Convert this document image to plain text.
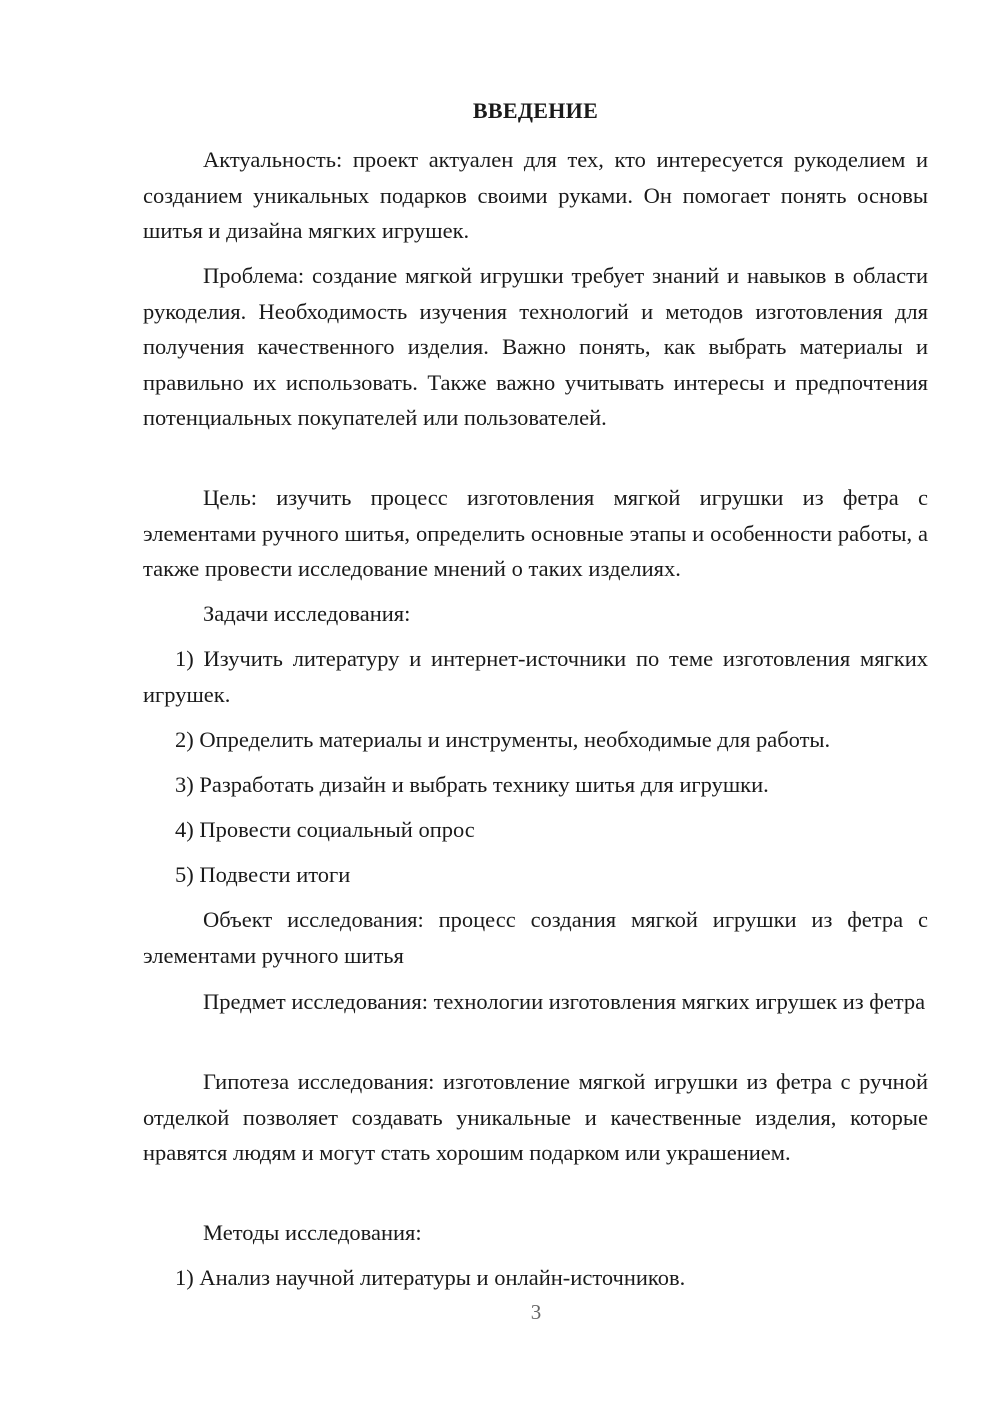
ВВЕДЕНИЕ

Актуальность: проект актуален для тех, кто интересуется рукоделием и созданием уникальных подарков своими руками. Он помогает понять основы шитья и дизайна мягких игрушек.

Проблема: создание мягкой игрушки требует знаний и навыков в области рукоделия. Необходимость изучения технологий и методов изготовления для получения качественного изделия. Важно понять, как выбрать материалы и правильно их использовать. Также важно учитывать интересы и предпочтения потенциальных покупателей или пользователей.

Цель: изучить процесс изготовления мягкой игрушки из фетра с элементами ручного шитья, определить основные этапы и особенности работы, а также провести исследование мнений о таких изделиях.

Задачи исследования:

1) Изучить литературу и интернет-источники по теме изготовления мягких игрушек.

2) Определить материалы и инструменты, необходимые для работы.

3) Разработать дизайн и выбрать технику шитья для игрушки.

4) Провести социальный опрос

5) Подвести итоги

Объект исследования: процесс создания мягкой игрушки из фетра с элементами ручного шитья

Предмет исследования: технологии изготовления мягких игрушек из фетра

Гипотеза исследования: изготовление мягкой игрушки из фетра с ручной отделкой позволяет создавать уникальные и качественные изделия, которые нравятся людям и могут стать хорошим подарком или украшением.

Методы исследования:

1) Анализ научной литературы и онлайн-источников.

3
